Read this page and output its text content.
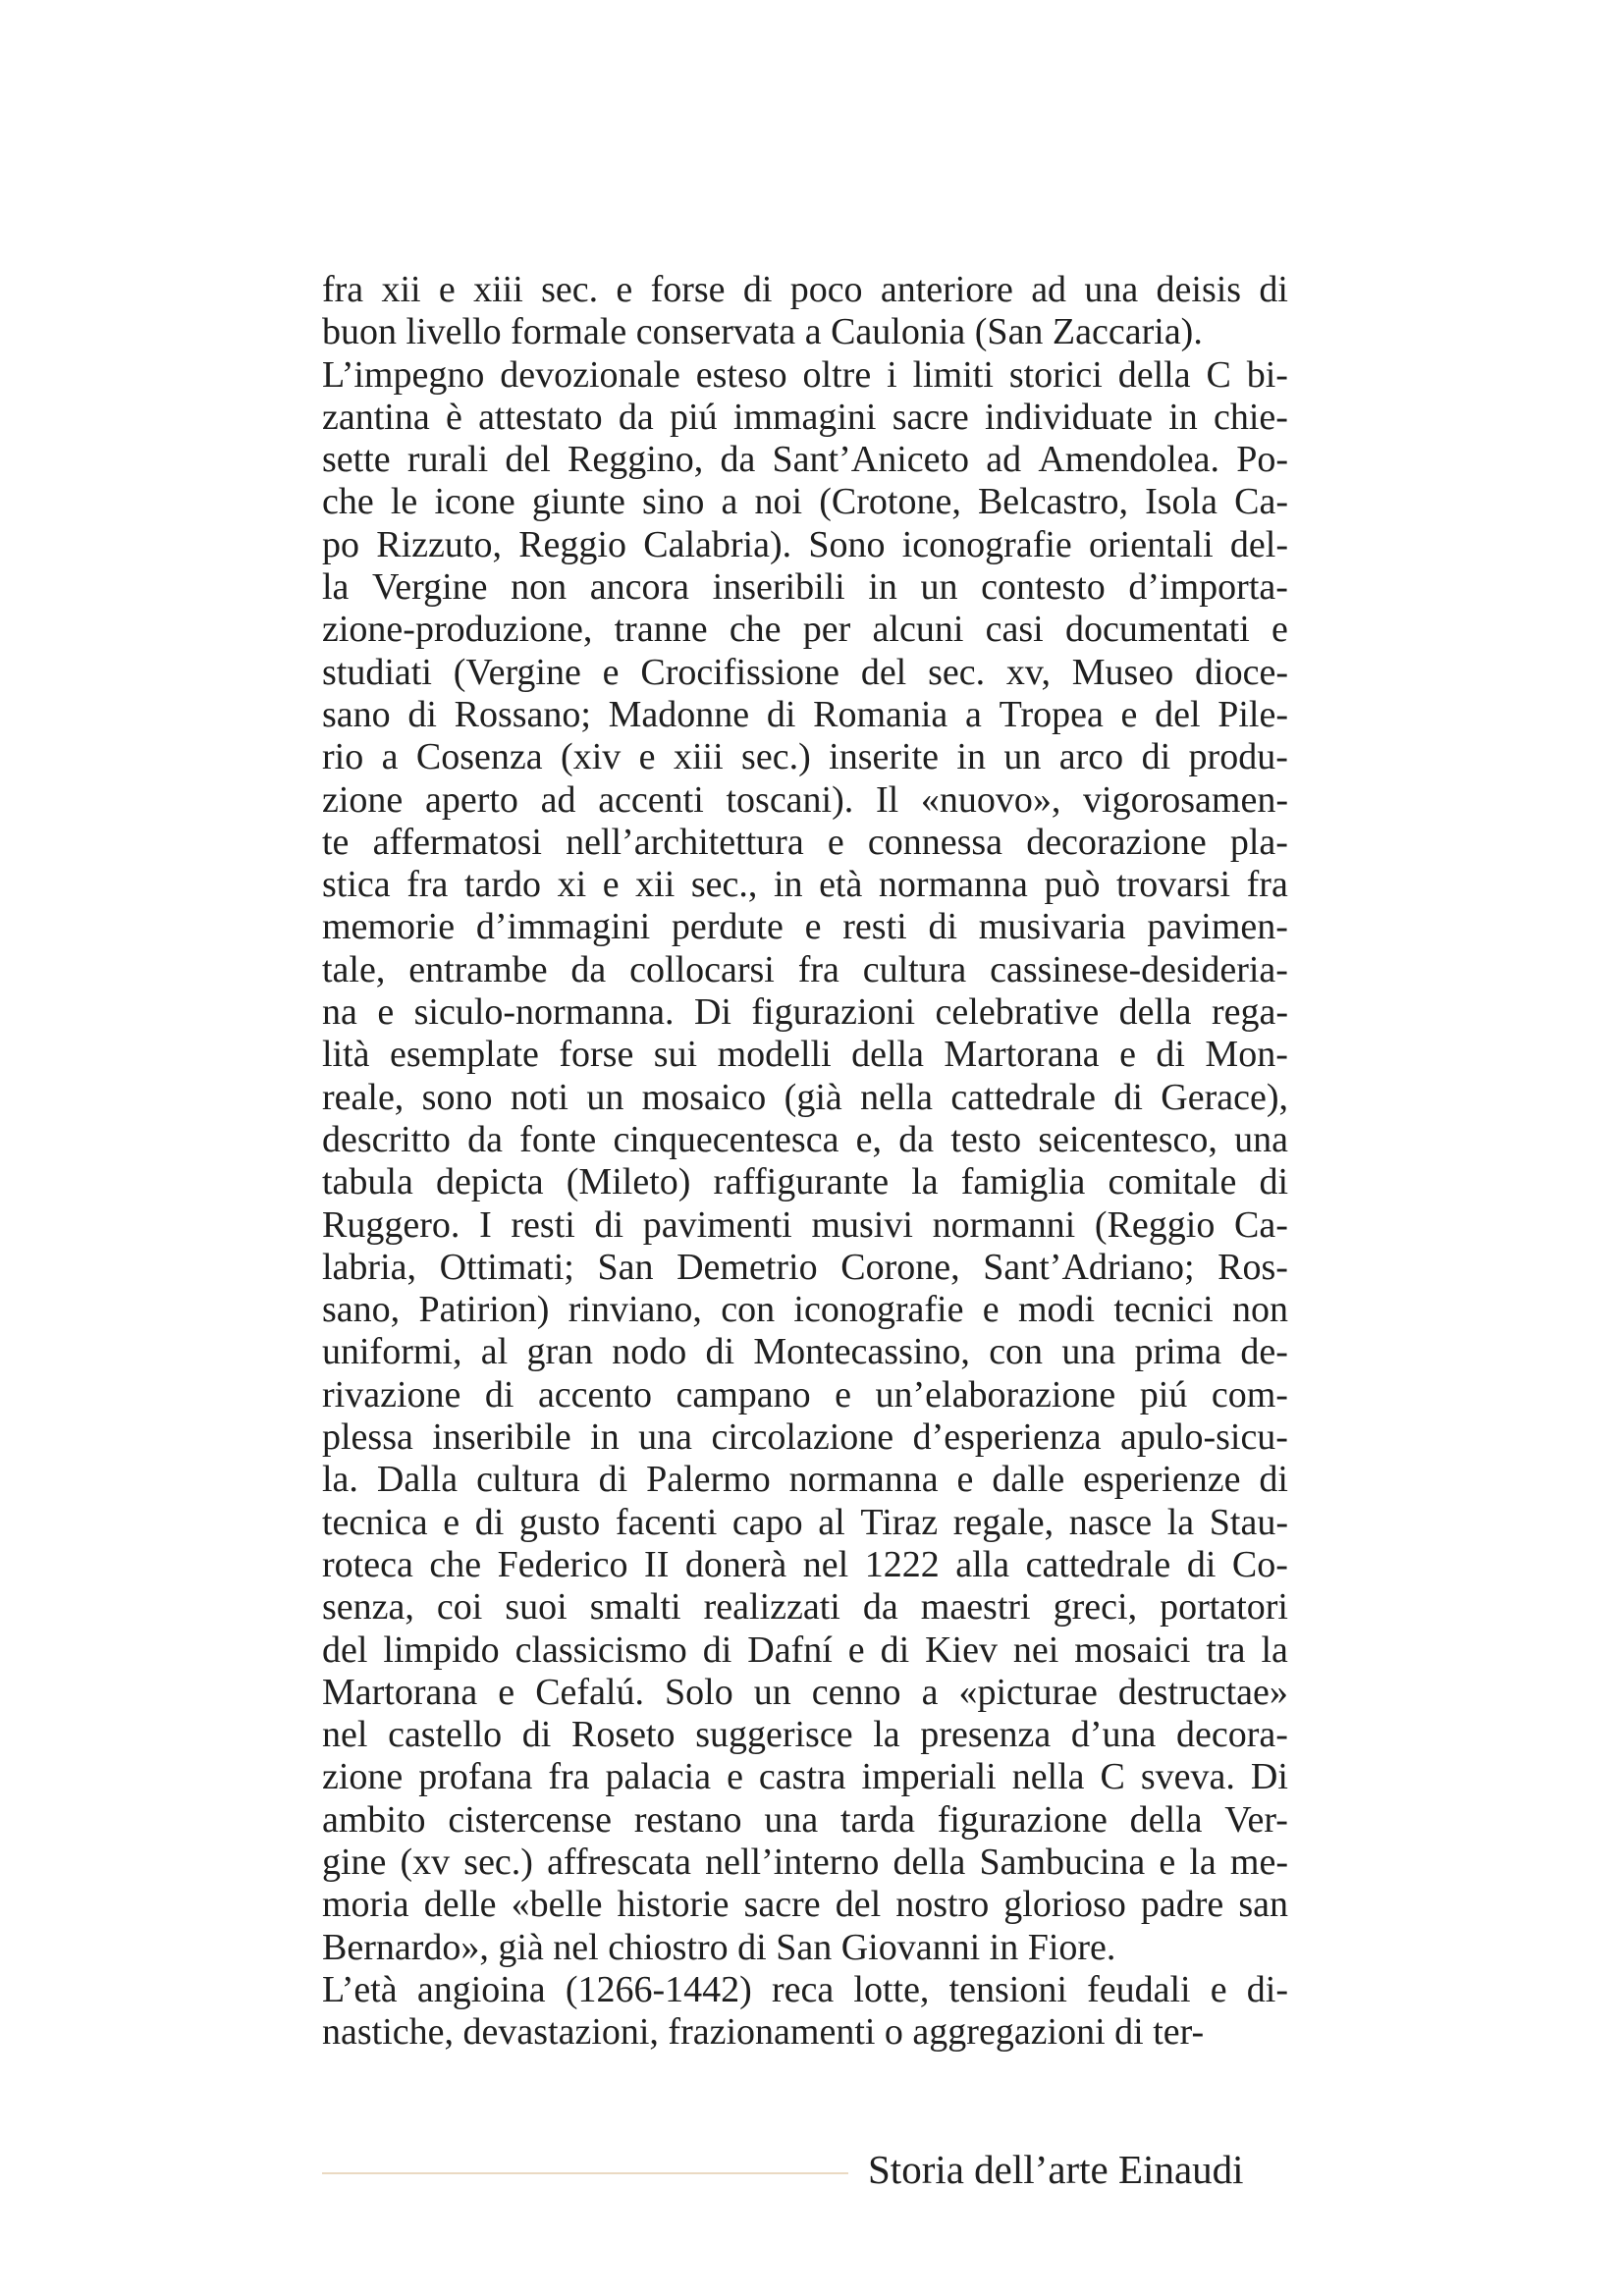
fra xii e xiii sec. e forse di poco anteriore ad una deisis di
buon livello formale conservata a Caulonia (San Zaccaria).
L’impegno devozionale esteso oltre i limiti storici della C bi-
zantina è attestato da piú immagini sacre individuate in chie-
sette rurali del Reggino, da Sant’Aniceto ad Amendolea. Po-
che le icone giunte sino a noi (Crotone, Belcastro, Isola Ca-
po Rizzuto, Reggio Calabria). Sono iconografie orientali del-
la Vergine non ancora inseribili in un contesto d’importa-
zione-produzione, tranne che per alcuni casi documentati e
studiati (Vergine e Crocifissione del sec. xv, Museo dioce-
sano di Rossano; Madonne di Romania a Tropea e del Pile-
rio a Cosenza (xiv e xiii sec.) inserite in un arco di produ-
zione aperto ad accenti toscani). Il «nuovo», vigorosamen-
te affermatosi nell’architettura e connessa decorazione pla-
stica fra tardo xi e xii sec., in età normanna può trovarsi fra
memorie d’immagini perdute e resti di musivaria pavimen-
tale, entrambe da collocarsi fra cultura cassinese-desideria-
na e siculo-normanna. Di figurazioni celebrative della rega-
lità esemplate forse sui modelli della Martorana e di Mon-
reale, sono noti un mosaico (già nella cattedrale di Gerace),
descritto da fonte cinquecentesca e, da testo seicentesco, una
tabula depicta (Mileto) raffigurante la famiglia comitale di
Ruggero. I resti di pavimenti musivi normanni (Reggio Ca-
labria, Ottimati; San Demetrio Corone, Sant’Adriano; Ros-
sano, Patirion) rinviano, con iconografie e modi tecnici non
uniformi, al gran nodo di Montecassino, con una prima de-
rivazione di accento campano e un’elaborazione piú com-
plessa inseribile in una circolazione d’esperienza apulo-sicu-
la. Dalla cultura di Palermo normanna e dalle esperienze di
tecnica e di gusto facenti capo al Tiraz regale, nasce la Stau-
roteca che Federico II donerà nel 1222 alla cattedrale di Co-
senza, coi suoi smalti realizzati da maestri greci, portatori
del limpido classicismo di Dafní e di Kiev nei mosaici tra la
Martorana e Cefalú. Solo un cenno a «picturae destructae»
nel castello di Roseto suggerisce la presenza d’una decora-
zione profana fra palacia e castra imperiali nella C sveva. Di
ambito cistercense restano una tarda figurazione della Ver-
gine (xv sec.) affrescata nell’interno della Sambucina e la me-
moria delle «belle historie sacre del nostro glorioso padre san
Bernardo», già nel chiostro di San Giovanni in Fiore.
L’età angioina (1266-1442) reca lotte, tensioni feudali e di-
nastiche, devastazioni, frazionamenti o aggregazioni di ter-
Storia dell’arte Einaudi
